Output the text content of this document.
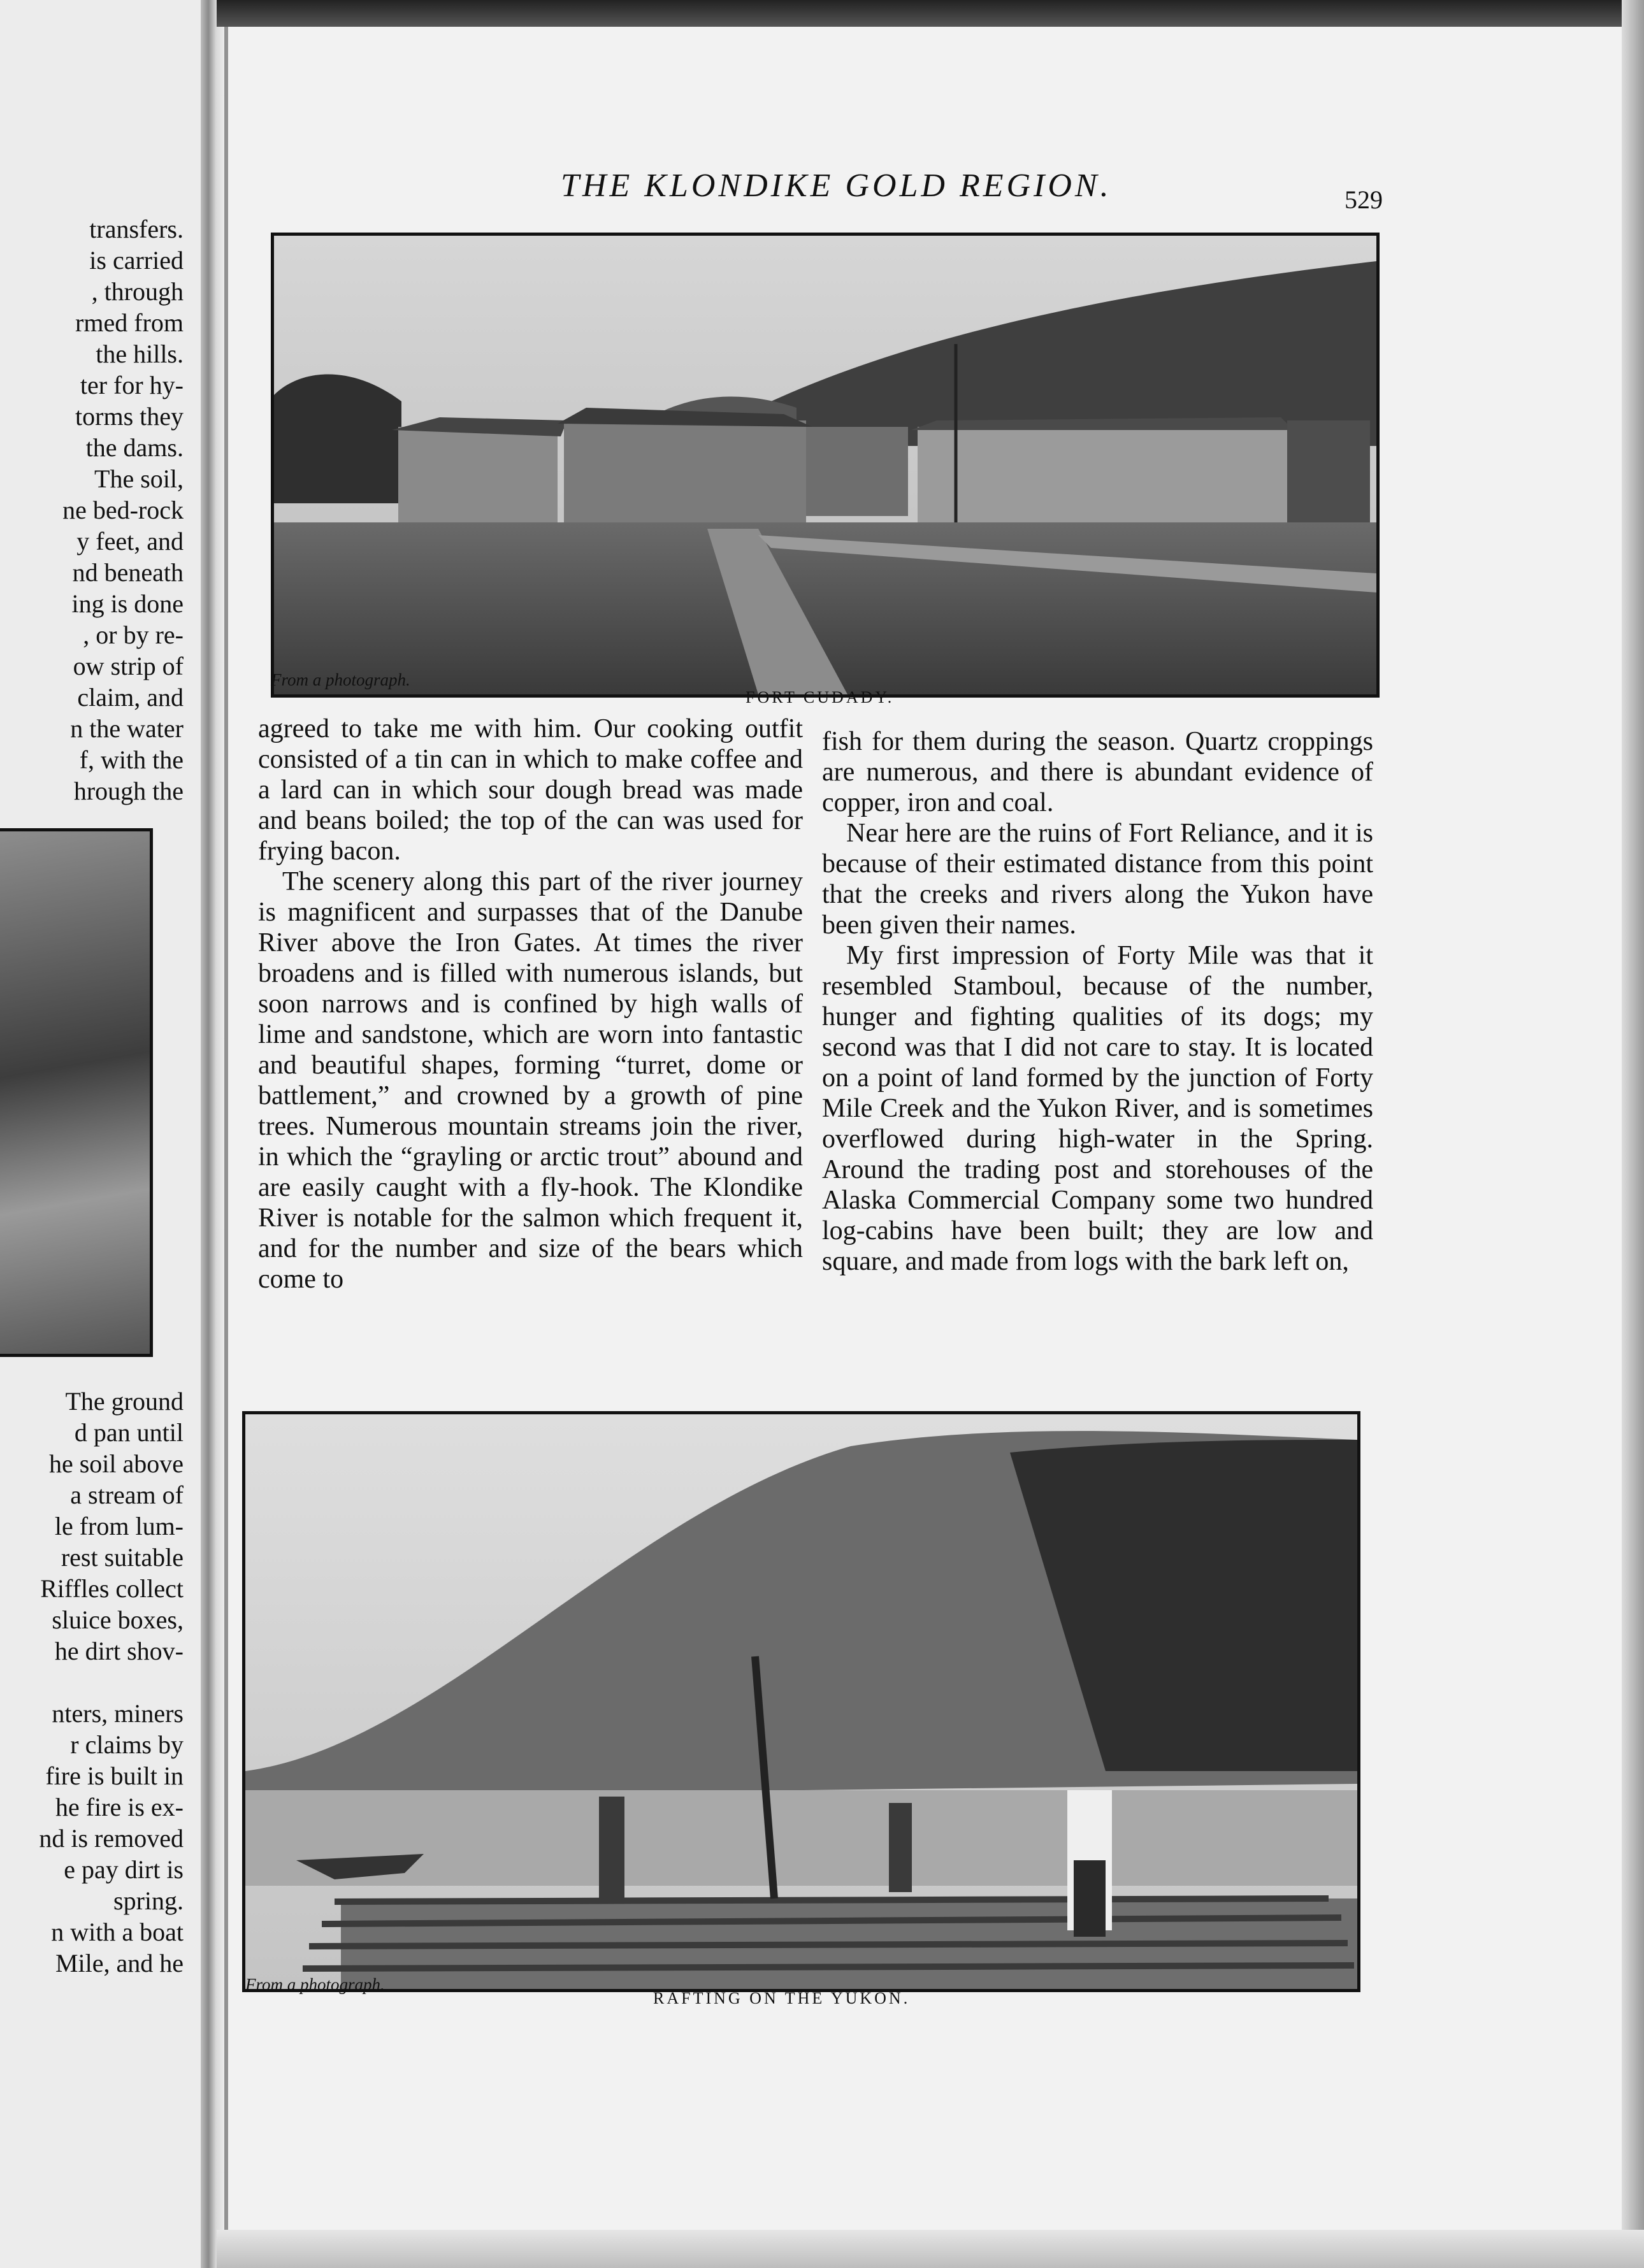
transfers.
is carried
, through
rmed from
the hills.
ter for hy-
torms they
the dams.
The soil,
ne bed-rock
y feet, and
nd beneath
ing is done
, or by re-
ow strip of
claim, and
n the water
f, with the
hrough the
The ground
d pan until
he soil above
a stream of
le from lum-
rest suitable
Riffles collect
sluice boxes,
he dirt shov-
nters, miners
r claims by
fire is built in
he fire is ex-
nd is removed
e pay dirt is
spring.
n with a boat
Mile, and he
THE KLONDIKE GOLD REGION.	529
From a photograph.
FORT CUDADY.

agreed to take me with him. Our cooking outfit consisted of a tin can in which to make coffee and a lard can in which sour dough bread was made and beans boiled; the top of the can was used for frying bacon.

The scenery along this part of the river journey is magnificent and surpasses that of the Danube River above the Iron Gates. At times the river broadens and is filled with numerous islands, but soon narrows and is confined by high walls of lime and sandstone, which are worn into fantastic and beautiful shapes, forming “turret, dome or battlement,” and crowned by a growth of pine trees. Numerous mountain streams join the river, in which the “grayling or arctic trout” abound and are easily caught with a fly-hook. The Klondike River is notable for the salmon which frequent it, and for the number and size of the bears which come to

fish for them during the season. Quartz croppings are numerous, and there is abundant evidence of copper, iron and coal.

Near here are the ruins of Fort Reliance, and it is because of their estimated distance from this point that the creeks and rivers along the Yukon have been given their names.

My first impression of Forty Mile was that it resembled Stamboul, because of the number, hunger and fighting qualities of its dogs; my second was that I did not care to stay. It is located on a point of land formed by the junction of Forty Mile Creek and the Yukon River, and is sometimes overflowed during high-water in the Spring. Around the trading post and storehouses of the Alaska Commercial Company some two hundred log-cabins have been built; they are low and square, and made from logs with the bark left on,

From a photograph.
RAFTING ON THE YUKON.
